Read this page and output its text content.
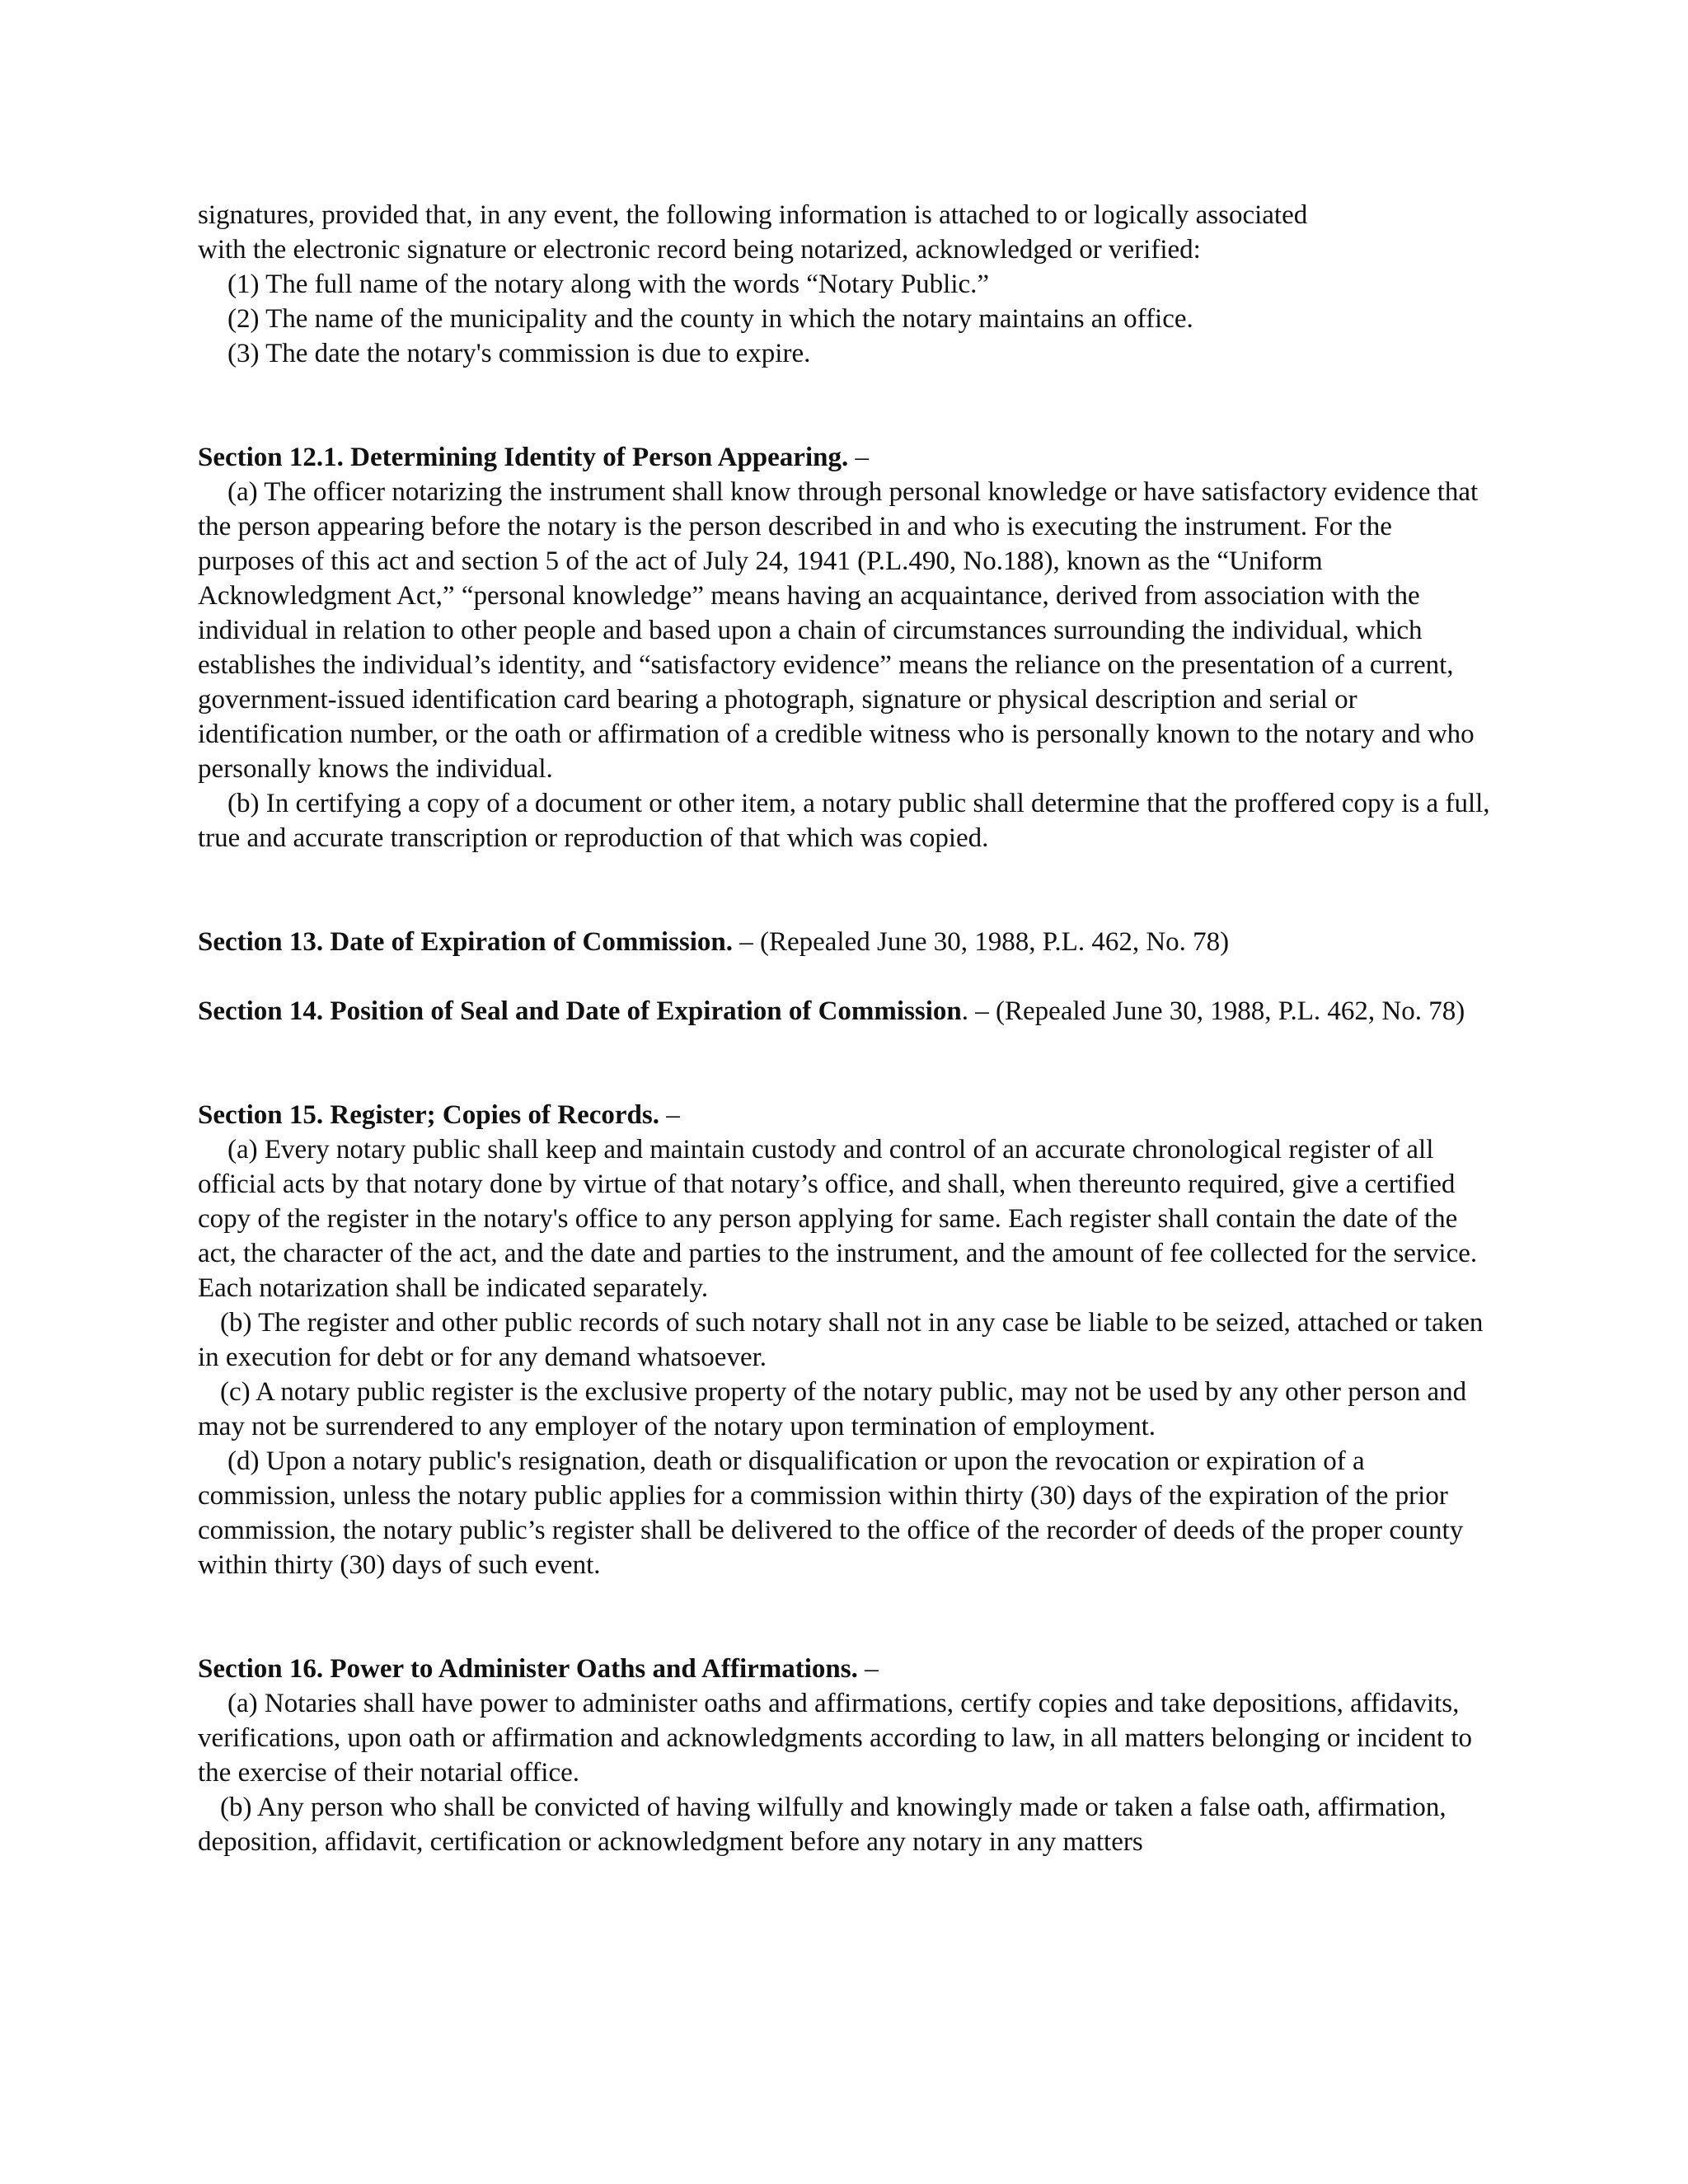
signatures, provided that, in any event, the following information is attached to or logically associated

with the electronic signature or electronic record being notarized, acknowledged or verified:

(1) The full name of the notary along with the words “Notary Public.”

(2) The name of the municipality and the county in which the notary maintains an office.

(3) The date the notary's commission is due to expire.

Section 12.1. Determining Identity of Person Appearing. –

(a) The officer notarizing the instrument shall know through personal knowledge or have satisfactory evidence that the person appearing before the notary is the person described in and who is executing the instrument. For the purposes of this act and section 5 of the act of July 24, 1941 (P.L.490, No.188), known as the “Uniform Acknowledgment Act,” “personal knowledge” means having an acquaintance, derived from association with the individual in relation to other people and based upon a chain of circumstances surrounding the individual, which establishes the individual’s identity, and “satisfactory evidence” means the reliance on the presentation of a current, government-issued identification card bearing a photograph, signature or physical description and serial or identification number, or the oath or affirmation of a credible witness who is personally known to the notary and who personally knows the individual.

(b) In certifying a copy of a document or other item, a notary public shall determine that the proffered copy is a full, true and accurate transcription or reproduction of that which was copied.

Section 13. Date of Expiration of Commission. – (Repealed June 30, 1988, P.L. 462, No. 78)

Section 14. Position of Seal and Date of Expiration of Commission. – (Repealed June 30, 1988, P.L. 462, No. 78)

Section 15. Register; Copies of Records. –

(a) Every notary public shall keep and maintain custody and control of an accurate chronological register of all official acts by that notary done by virtue of that notary’s office, and shall, when thereunto required, give a certified copy of the register in the notary's office to any person applying for same. Each register shall contain the date of the act, the character of the act, and the date and parties to the instrument, and the amount of fee collected for the service. Each notarization shall be indicated separately.

(b) The register and other public records of such notary shall not in any case be liable to be seized, attached or taken in execution for debt or for any demand whatsoever.

(c) A notary public register is the exclusive property of the notary public, may not be used by any other person and may not be surrendered to any employer of the notary upon termination of employment.

(d) Upon a notary public's resignation, death or disqualification or upon the revocation or expiration of a commission, unless the notary public applies for a commission within thirty (30) days of the expiration of the prior commission, the notary public’s register shall be delivered to the office of the recorder of deeds of the proper county within thirty (30) days of such event.

Section 16. Power to Administer Oaths and Affirmations. –

(a) Notaries shall have power to administer oaths and affirmations, certify copies and take depositions, affidavits, verifications, upon oath or affirmation and acknowledgments according to law, in all matters belonging or incident to the exercise of their notarial office.

(b) Any person who shall be convicted of having wilfully and knowingly made or taken a false oath, affirmation, deposition, affidavit, certification or acknowledgment before any notary in any matters
